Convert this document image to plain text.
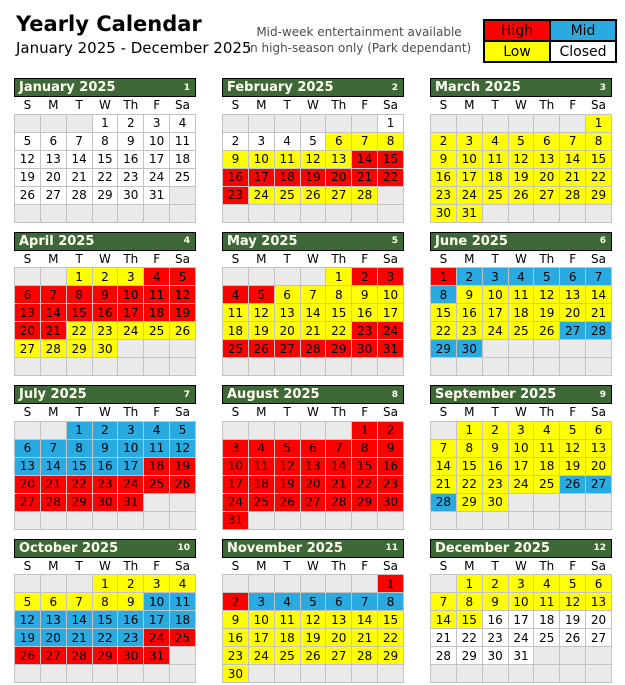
Yearly Calendar
January 2025 - December 2025
Mid-week entertainment available
in high-season only (Park dependant)
High	Mid
Low	Closed
January 2025	1
S	M	T	W	Th	F	Sa
			1	2	3	4
5	6	7	8	9	10	11
12	13	14	15	16	17	18
19	20	21	22	23	24	25
26	27	28	29	30	31	

February 2025	2
S	M	T	W	Th	F	Sa
						1
2	3	4	5	6	7	8
9	10	11	12	13	14	15
16	17	18	19	20	21	22
23	24	25	26	27	28	

March 2025	3
S	M	T	W	Th	F	Sa
						1
2	3	4	5	6	7	8
9	10	11	12	13	14	15
16	17	18	19	20	21	22
23	24	25	26	27	28	29
30	31					
April 2025	4
S	M	T	W	Th	F	Sa
		1	2	3	4	5
6	7	8	9	10	11	12
13	14	15	16	17	18	19
20	21	22	23	24	25	26
27	28	29	30			

May 2025	5
S	M	T	W	Th	F	Sa
				1	2	3
4	5	6	7	8	9	10
11	12	13	14	15	16	17
18	19	20	21	22	23	24
25	26	27	28	29	30	31

June 2025	6
S	M	T	W	Th	F	Sa
1	2	3	4	5	6	7
8	9	10	11	12	13	14
15	16	17	18	19	20	21
22	23	24	25	26	27	28
29	30					

July 2025	7
S	M	T	W	Th	F	Sa
		1	2	3	4	5
6	7	8	9	10	11	12
13	14	15	16	17	18	19
20	21	22	23	24	25	26
27	28	29	30	31		

August 2025	8
S	M	T	W	Th	F	Sa
					1	2
3	4	5	6	7	8	9
10	11	12	13	14	15	16
17	18	19	20	21	22	23
24	25	26	27	28	29	30
31						
September 2025	9
S	M	T	W	Th	F	Sa
	1	2	3	4	5	6
7	8	9	10	11	12	13
14	15	16	17	18	19	20
21	22	23	24	25	26	27
28	29	30				

October 2025	10
S	M	T	W	Th	F	Sa
			1	2	3	4
5	6	7	8	9	10	11
12	13	14	15	16	17	18
19	20	21	22	23	24	25
26	27	28	29	30	31	

November 2025	11
S	M	T	W	Th	F	Sa
						1
2	3	4	5	6	7	8
9	10	11	12	13	14	15
16	17	18	19	20	21	22
23	24	25	26	27	28	29
30						
December 2025	12
S	M	T	W	Th	F	Sa
	1	2	3	4	5	6
7	8	9	10	11	12	13
14	15	16	17	18	19	20
21	22	23	24	25	26	27
28	29	30	31			
